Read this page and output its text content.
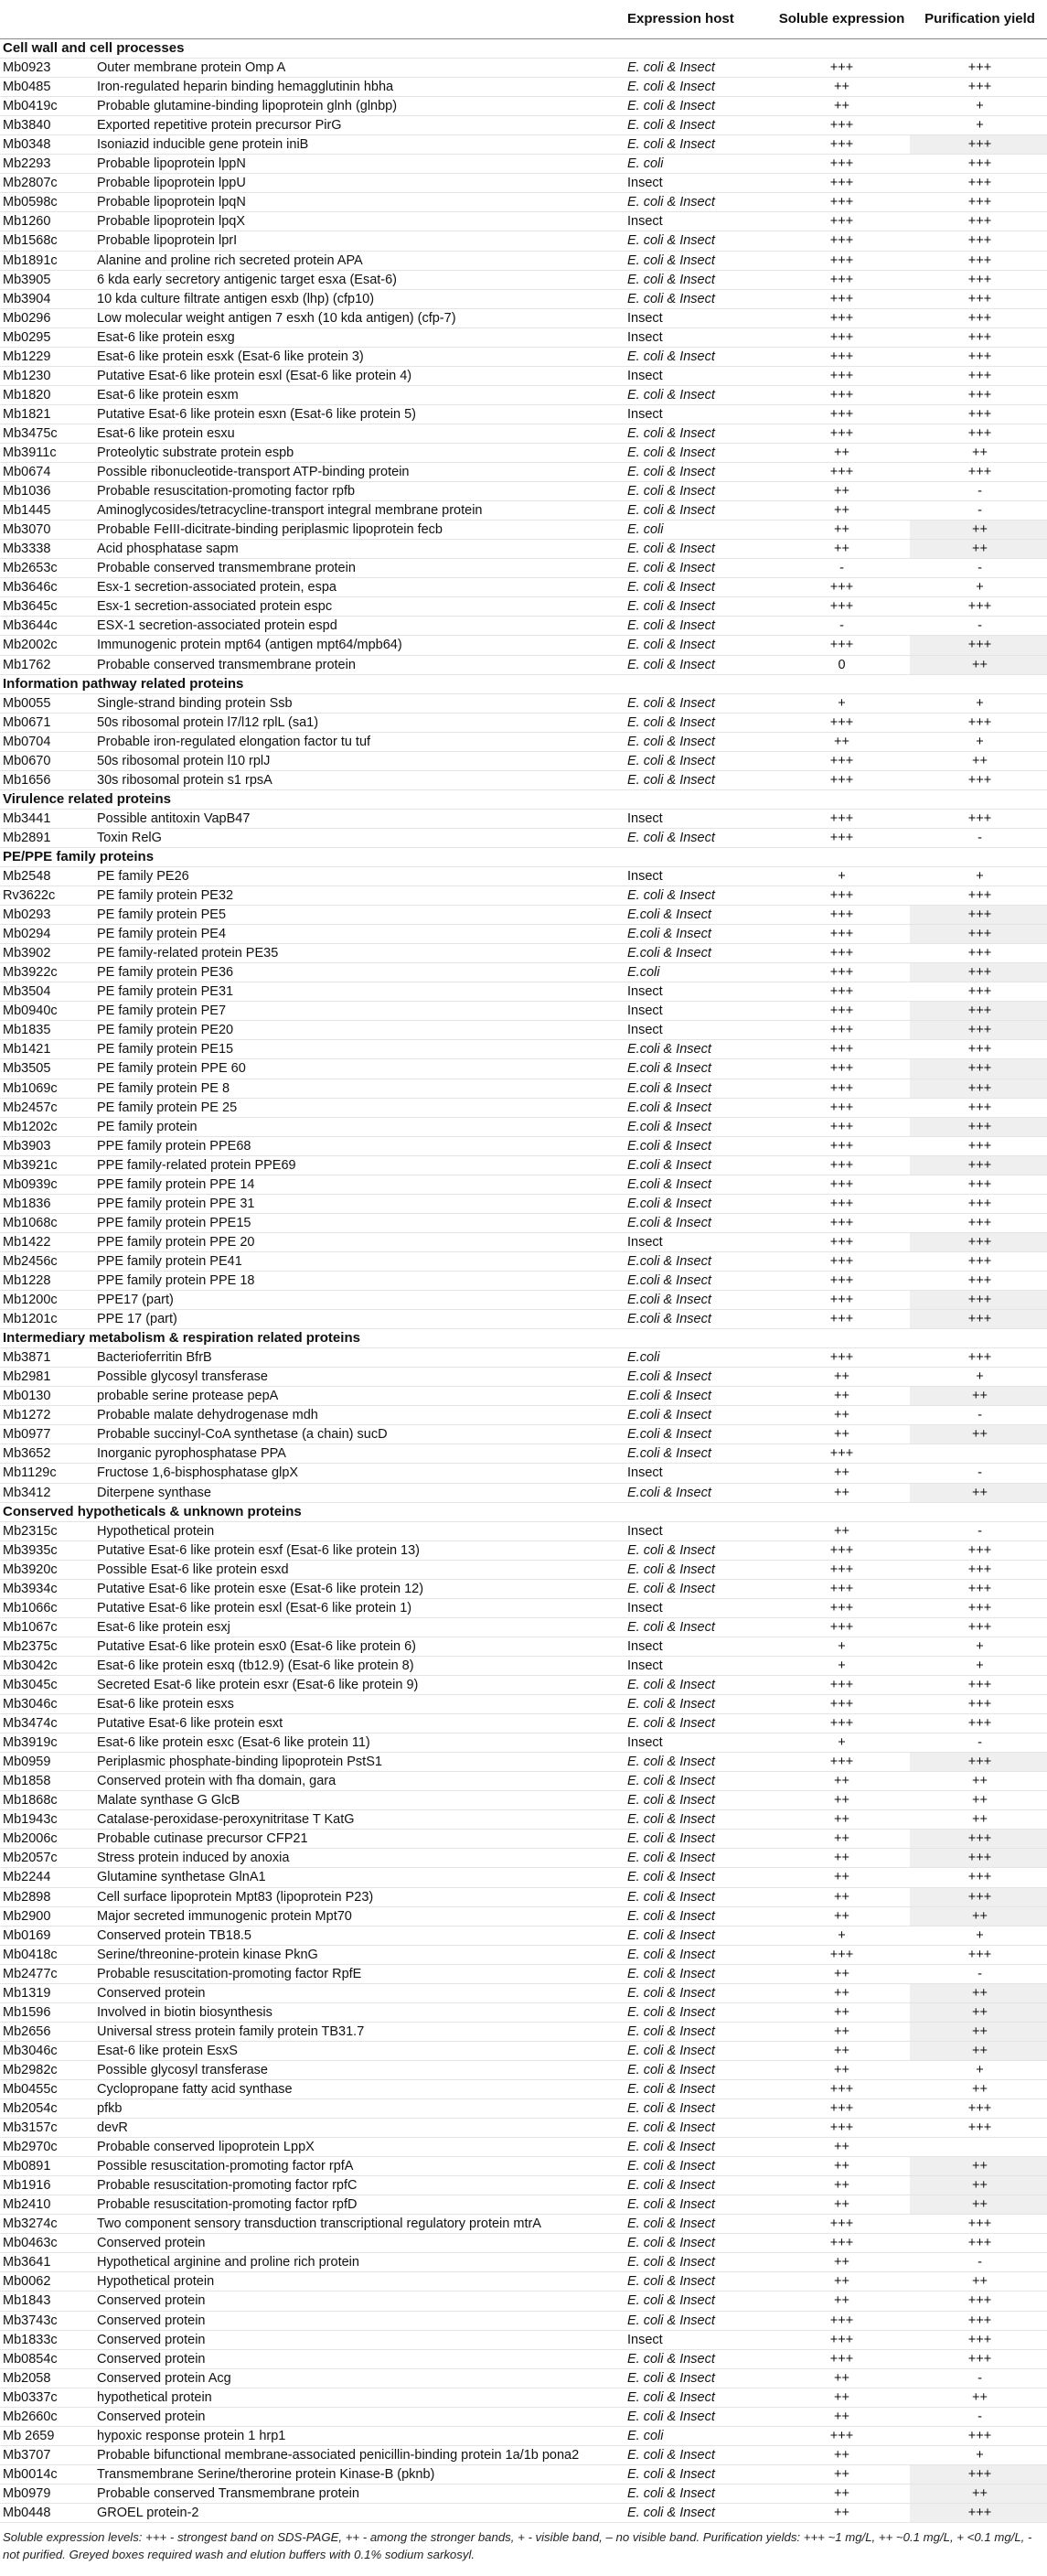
		Expression host	Soluble expression	Purification yield
Cell wall and cell processes				
Mb0923	Outer membrane protein Omp A	E. coli & Insect	+++	+++
Mb0485	Iron-regulated heparin binding hemagglutinin hbha	E. coli & Insect	++	+++
Mb0419c	Probable glutamine-binding lipoprotein glnh (glnbp)	E. coli & Insect	++	+
Mb3840	Exported repetitive protein precursor PirG	E. coli & Insect	+++	+
Mb0348	Isoniazid inducible gene protein iniB	E. coli & Insect	+++	+++
Mb2293	Probable lipoprotein lppN	E. coli	+++	+++
Mb2807c	Probable lipoprotein lppU	Insect	+++	+++
Mb0598c	Probable lipoprotein lpqN	E. coli & Insect	+++	+++
Mb1260	Probable lipoprotein lpqX	Insect	+++	+++
Mb1568c	Probable lipoprotein lprI	E. coli & Insect	+++	+++
Mb1891c	Alanine and proline rich secreted protein APA	E. coli & Insect	+++	+++
Mb3905	6 kda early secretory antigenic target esxa (Esat-6)	E. coli & Insect	+++	+++
Mb3904	10 kda culture filtrate antigen esxb (lhp) (cfp10)	E. coli & Insect	+++	+++
Mb0296	Low molecular weight antigen 7 esxh (10 kda antigen) (cfp-7)	Insect	+++	+++
Mb0295	Esat-6 like protein esxg	Insect	+++	+++
Mb1229	Esat-6 like protein esxk (Esat-6 like protein 3)	E. coli & Insect	+++	+++
Mb1230	Putative Esat-6 like protein esxl (Esat-6 like protein 4)	Insect	+++	+++
Mb1820	Esat-6 like protein esxm	E. coli & Insect	+++	+++
Mb1821	Putative Esat-6 like protein esxn (Esat-6 like protein 5)	Insect	+++	+++
Mb3475c	Esat-6 like protein esxu	E. coli & Insect	+++	+++
Mb3911c	Proteolytic substrate protein espb	E. coli & Insect	++	++
Mb0674	Possible ribonucleotide-transport ATP-binding protein	E. coli & Insect	+++	+++
Mb1036	Probable resuscitation-promoting factor rpfb	E. coli & Insect	++	-
Mb1445	Aminoglycosides/tetracycline-transport integral membrane protein	E. coli & Insect	++	-
Mb3070	Probable FeIII-dicitrate-binding periplasmic lipoprotein fecb	E. coli	++	++
Mb3338	Acid phosphatase sapm	E. coli & Insect	++	++
Mb2653c	Probable conserved transmembrane protein	E. coli & Insect	-	-
Mb3646c	Esx-1 secretion-associated protein, espa	E. coli & Insect	+++	+
Mb3645c	Esx-1 secretion-associated protein espc	E. coli & Insect	+++	+++
Mb3644c	ESX-1 secretion-associated protein espd	E. coli & Insect	-	-
Mb2002c	Immunogenic protein mpt64 (antigen mpt64/mpb64)	E. coli & Insect	+++	+++
Mb1762	Probable conserved transmembrane protein	E. coli & Insect	0	++
Information pathway related proteins				
Mb0055	Single-strand binding protein Ssb	E. coli & Insect	+	+
Mb0671	50s ribosomal protein l7/l12 rplL (sa1)	E. coli & Insect	+++	+++
Mb0704	Probable iron-regulated elongation factor tu tuf	E. coli & Insect	++	+
Mb0670	50s ribosomal protein l10 rplJ	E. coli & Insect	+++	++
Mb1656	30s ribosomal protein s1 rpsA	E. coli & Insect	+++	+++
Virulence related proteins				
Mb3441	Possible antitoxin VapB47	Insect	+++	+++
Mb2891	Toxin RelG	E. coli & Insect	+++	-
PE/PPE family proteins				
Mb2548	PE family PE26	Insect	+	+
Rv3622c	PE family protein PE32	E. coli & Insect	+++	+++
Mb0293	PE family protein PE5	E.coli & Insect	+++	+++
Mb0294	PE family protein PE4	E.coli & Insect	+++	+++
Mb3902	PE family-related protein PE35	E.coli & Insect	+++	+++
Mb3922c	PE family protein PE36	E.coli	+++	+++
Mb3504	PE family protein PE31	Insect	+++	+++
Mb0940c	PE family protein PE7	Insect	+++	+++
Mb1835	PE family protein PE20	Insect	+++	+++
Mb1421	PE family protein PE15	E.coli & Insect	+++	+++
Mb3505	PE family protein PPE 60	E.coli & Insect	+++	+++
Mb1069c	PE family protein PE 8	E.coli & Insect	+++	+++
Mb2457c	PE family protein PE 25	E.coli & Insect	+++	+++
Mb1202c	PE family protein	E.coli & Insect	+++	+++
Mb3903	PPE family protein PPE68	E.coli & Insect	+++	+++
Mb3921c	PPE family-related protein PPE69	E.coli & Insect	+++	+++
Mb0939c	PPE family protein PPE 14	E.coli & Insect	+++	+++
Mb1836	PPE family protein PPE 31	E.coli & Insect	+++	+++
Mb1068c	PPE family protein PPE15	E.coli & Insect	+++	+++
Mb1422	PPE family protein PPE 20	Insect	+++	+++
Mb2456c	PPE family protein PE41	E.coli & Insect	+++	+++
Mb1228	PPE family protein PPE 18	E.coli & Insect	+++	+++
Mb1200c	PPE17 (part)	E.coli & Insect	+++	+++
Mb1201c	PPE 17 (part)	E.coli & Insect	+++	+++
Intermediary metabolism & respiration related proteins				
Mb3871	Bacterioferritin BfrB	E.coli	+++	+++
Mb2981	Possible glycosyl transferase	E.coli & Insect	++	+
Mb0130	probable serine protease pepA	E.coli & Insect	++	++
Mb1272	Probable malate dehydrogenase mdh	E.coli & Insect	++	-
Mb0977	Probable succinyl-CoA synthetase (a chain) sucD	E.coli & Insect	++	++
Mb3652	Inorganic pyrophosphatase PPA	E.coli & Insect	+++	
Mb1129c	Fructose 1,6-bisphosphatase glpX	Insect	++	-
Mb3412	Diterpene synthase	E.coli & Insect	++	++
Conserved hypotheticals & unknown proteins				
Mb2315c	Hypothetical protein	Insect	++	-
Mb3935c	Putative Esat-6 like protein esxf (Esat-6 like protein 13)	E. coli & Insect	+++	+++
Mb3920c	Possible Esat-6 like protein esxd	E. coli & Insect	+++	+++
Mb3934c	Putative Esat-6 like protein esxe (Esat-6 like protein 12)	E. coli & Insect	+++	+++
Mb1066c	Putative Esat-6 like protein esxl (Esat-6 like protein 1)	Insect	+++	+++
Mb1067c	Esat-6 like protein esxj	E. coli & Insect	+++	+++
Mb2375c	Putative Esat-6 like protein esx0 (Esat-6 like protein 6)	Insect	+	+
Mb3042c	Esat-6 like protein esxq (tb12.9) (Esat-6 like protein 8)	Insect	+	+
Mb3045c	Secreted Esat-6 like protein esxr (Esat-6 like protein 9)	E. coli & Insect	+++	+++
Mb3046c	Esat-6 like protein esxs	E. coli & Insect	+++	+++
Mb3474c	Putative Esat-6 like protein esxt	E. coli & Insect	+++	+++
Mb3919c	Esat-6 like protein esxc (Esat-6 like protein 11)	Insect	+	-
Mb0959	Periplasmic phosphate-binding lipoprotein PstS1	E. coli & Insect	+++	+++
Mb1858	Conserved protein with fha domain, gara	E. coli & Insect	++	++
Mb1868c	Malate synthase G GlcB	E. coli & Insect	++	++
Mb1943c	Catalase-peroxidase-peroxynitritase T KatG	E. coli & Insect	++	++
Mb2006c	Probable cutinase precursor CFP21	E. coli & Insect	++	+++
Mb2057c	Stress protein induced by anoxia	E. coli & Insect	++	+++
Mb2244	Glutamine synthetase GlnA1	E. coli & Insect	++	+++
Mb2898	Cell surface lipoprotein Mpt83 (lipoprotein P23)	E. coli & Insect	++	+++
Mb2900	Major secreted immunogenic protein Mpt70	E. coli & Insect	++	++
Mb0169	Conserved protein TB18.5	E. coli & Insect	+	+
Mb0418c	Serine/threonine-protein kinase PknG	E. coli & Insect	+++	+++
Mb2477c	Probable resuscitation-promoting factor RpfE	E. coli & Insect	++	-
Mb1319	Conserved protein	E. coli & Insect	++	++
Mb1596	Involved in biotin biosynthesis	E. coli & Insect	++	++
Mb2656	Universal stress protein family protein TB31.7	E. coli & Insect	++	++
Mb3046c	Esat-6 like protein EsxS	E. coli & Insect	++	++
Mb2982c	Possible glycosyl transferase	E. coli & Insect	++	+
Mb0455c	Cyclopropane fatty acid synthase	E. coli & Insect	+++	++
Mb2054c	pfkb	E. coli & Insect	+++	+++
Mb3157c	devR	E. coli & Insect	+++	+++
Mb2970c	Probable conserved lipoprotein LppX	E. coli & Insect	++	
Mb0891	Possible resuscitation-promoting factor rpfA	E. coli & Insect	++	++
Mb1916	Probable resuscitation-promoting factor rpfC	E. coli & Insect	++	++
Mb2410	Probable resuscitation-promoting factor rpfD	E. coli & Insect	++	++
Mb3274c	Two component sensory transduction transcriptional regulatory protein mtrA	E. coli & Insect	+++	+++
Mb0463c	Conserved protein	E. coli & Insect	+++	+++
Mb3641	Hypothetical arginine and proline rich protein	E. coli & Insect	++	-
Mb0062	Hypothetical protein	E. coli & Insect	++	++
Mb1843	Conserved protein	E. coli & Insect	++	+++
Mb3743c	Conserved protein	E. coli & Insect	+++	+++
Mb1833c	Conserved protein	Insect	+++	+++
Mb0854c	Conserved protein	E. coli & Insect	+++	+++
Mb2058	Conserved protein Acg	E. coli & Insect	++	-
Mb0337c	hypothetical protein	E. coli & Insect	++	++
Mb2660c	Conserved protein	E. coli & Insect	++	-
Mb 2659	hypoxic response protein 1 hrp1	E. coli	+++	+++
Mb3707	Probable bifunctional membrane-associated penicillin-binding protein 1a/1b pona2	E. coli & Insect	++	+
Mb0014c	Transmembrane Serine/therorine protein Kinase-B (pknb)	E. coli & Insect	++	+++
Mb0979	Probable conserved Transmembrane protein	E. coli & Insect	++	++
Mb0448	GROEL protein-2	E. coli & Insect	++	+++
Soluble expression levels: +++ - strongest band on SDS-PAGE, ++ - among the stronger bands, + - visible band, – no visible band. Purification yields: +++ ~1 mg/L, ++ ~0.1 mg/L, + <0.1 mg/L, - not purified. Greyed boxes required wash and elution buffers with 0.1% sodium sarkosyl.
